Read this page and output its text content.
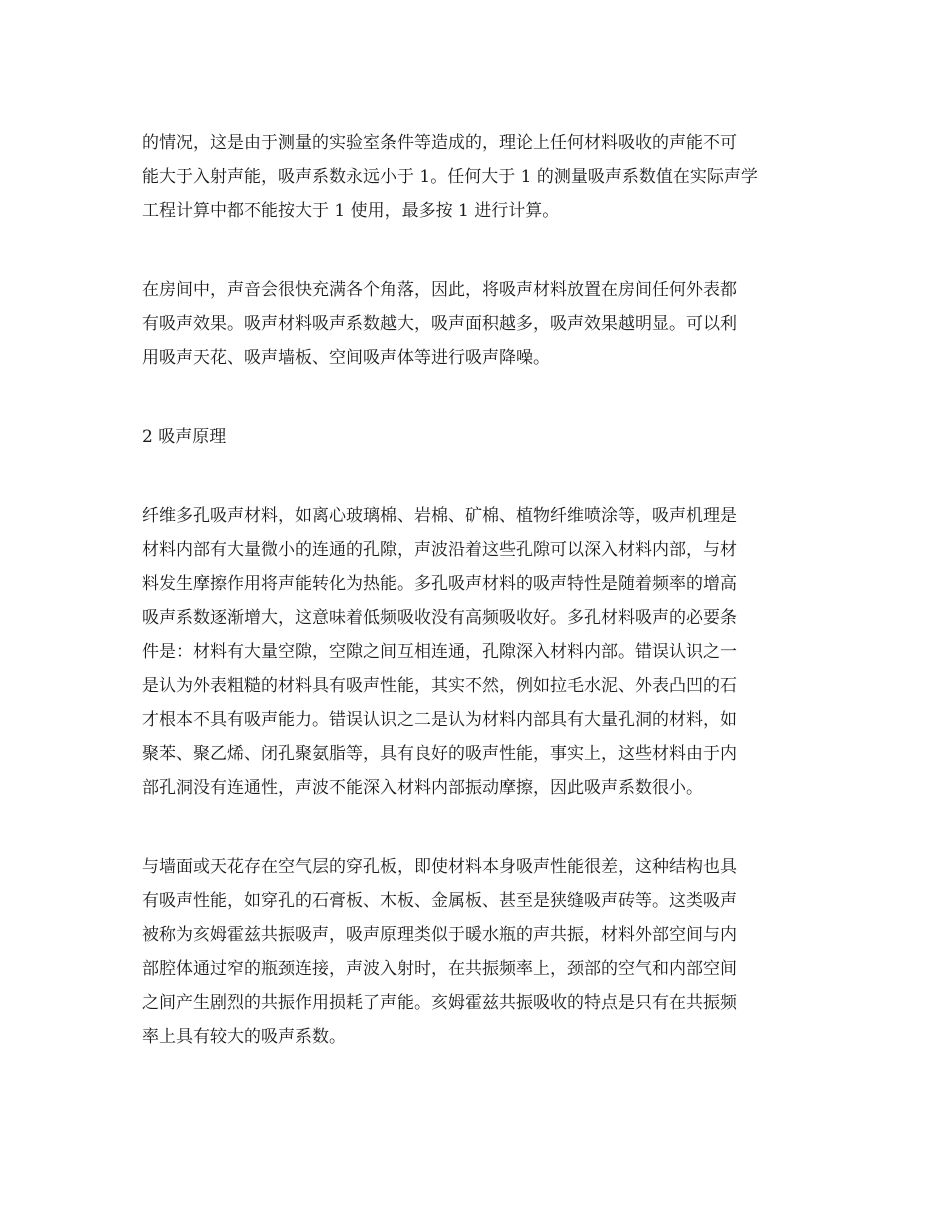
的情况，这是由于测量的实验室条件等造成的，理论上任何材料吸收的声能不可
能大于入射声能，吸声系数永远小于 1。任何大于 1 的测量吸声系数值在实际声学
工程计算中都不能按大于 1 使用，最多按 1 进行计算。
在房间中，声音会很快充满各个角落，因此，将吸声材料放置在房间任何外表都
有吸声效果。吸声材料吸声系数越大，吸声面积越多，吸声效果越明显。可以利
用吸声天花、吸声墙板、空间吸声体等进行吸声降噪。
2 吸声原理
纤维多孔吸声材料，如离心玻璃棉、岩棉、矿棉、植物纤维喷涂等，吸声机理是
材料内部有大量微小的连通的孔隙，声波沿着这些孔隙可以深入材料内部，与材
料发生摩擦作用将声能转化为热能。多孔吸声材料的吸声特性是随着频率的增高
吸声系数逐渐增大，这意味着低频吸收没有高频吸收好。多孔材料吸声的必要条
件是：材料有大量空隙，空隙之间互相连通，孔隙深入材料内部。错误认识之一
是认为外表粗糙的材料具有吸声性能，其实不然，例如拉毛水泥、外表凸凹的石
才根本不具有吸声能力。错误认识之二是认为材料内部具有大量孔洞的材料，如
聚苯、聚乙烯、闭孔聚氨脂等，具有良好的吸声性能，事实上，这些材料由于内
部孔洞没有连通性，声波不能深入材料内部振动摩擦，因此吸声系数很小。
与墙面或天花存在空气层的穿孔板，即使材料本身吸声性能很差，这种结构也具
有吸声性能，如穿孔的石膏板、木板、金属板、甚至是狭缝吸声砖等。这类吸声
被称为亥姆霍兹共振吸声，吸声原理类似于暖水瓶的声共振，材料外部空间与内
部腔体通过窄的瓶颈连接，声波入射时，在共振频率上，颈部的空气和内部空间
之间产生剧烈的共振作用损耗了声能。亥姆霍兹共振吸收的特点是只有在共振频
率上具有较大的吸声系数。
